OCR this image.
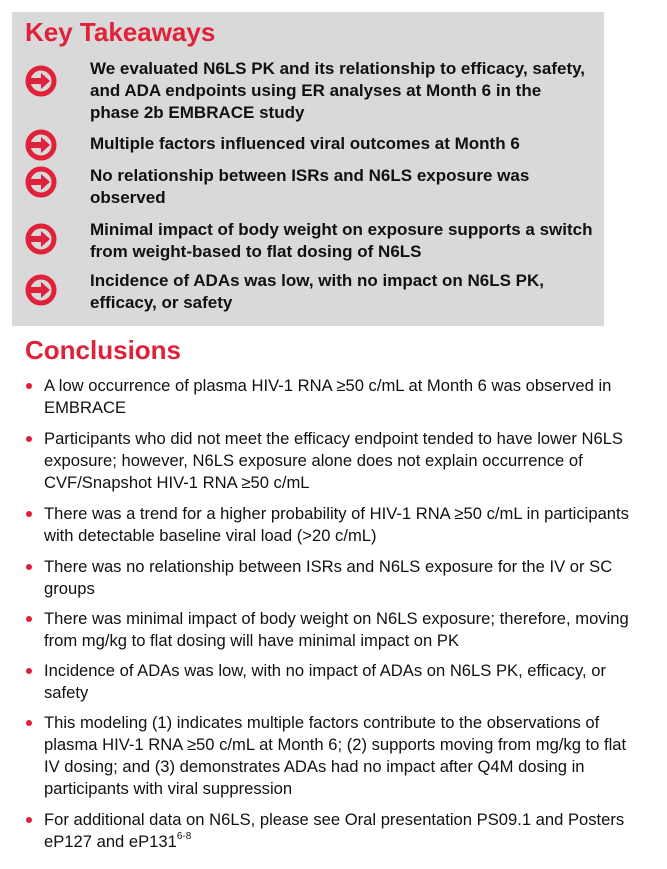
Key Takeaways
We evaluated N6LS PK and its relationship to efficacy, safety, and ADA endpoints using ER analyses at Month 6 in the phase 2b EMBRACE study
Multiple factors influenced viral outcomes at Month 6
No relationship between ISRs and N6LS exposure was observed
Minimal impact of body weight on exposure supports a switch from weight-based to flat dosing of N6LS
Incidence of ADAs was low, with no impact on N6LS PK, efficacy, or safety
Conclusions
A low occurrence of plasma HIV-1 RNA ≥50 c/mL at Month 6 was observed in EMBRACE
Participants who did not meet the efficacy endpoint tended to have lower N6LS exposure; however, N6LS exposure alone does not explain occurrence of CVF/Snapshot HIV-1 RNA ≥50 c/mL
There was a trend for a higher probability of HIV-1 RNA ≥50 c/mL in participants with detectable baseline viral load (>20 c/mL)
There was no relationship between ISRs and N6LS exposure for the IV or SC groups
There was minimal impact of body weight on N6LS exposure; therefore, moving from mg/kg to flat dosing will have minimal impact on PK
Incidence of ADAs was low, with no impact of ADAs on N6LS PK, efficacy, or safety
This modeling (1) indicates multiple factors contribute to the observations of plasma HIV-1 RNA ≥50 c/mL at Month 6; (2) supports moving from mg/kg to flat IV dosing; and (3) demonstrates ADAs had no impact after Q4M dosing in participants with viral suppression
For additional data on N6LS, please see Oral presentation PS09.1 and Posters eP127 and eP131$^{6-8}$
